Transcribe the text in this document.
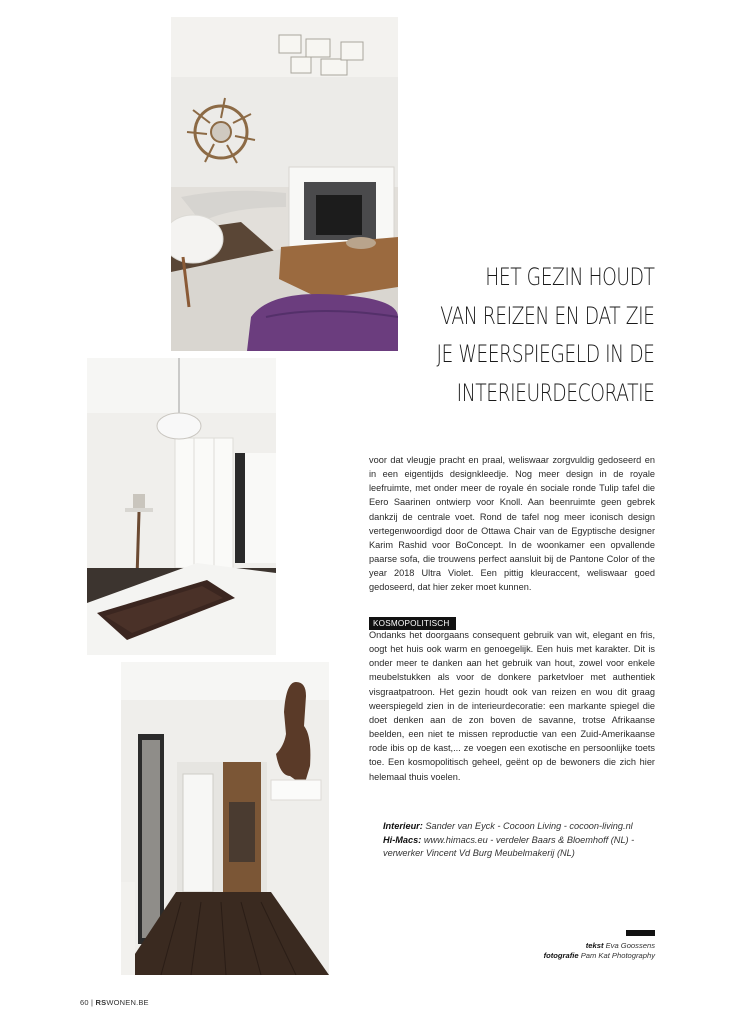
HET GEZIN HOUDT
VAN REIZEN EN DAT ZIE
JE WEERSPIEGELD IN DE
INTERIEURDECORATIE
voor dat vleugje pracht en praal, weliswaar zorgvuldig gedoseerd en in een eigentijds designkleedje. Nog meer design in de royale leefruimte, met onder meer de royale én sociale ronde Tulip tafel die Eero Saarinen ontwierp voor Knoll. Aan beenruimte geen gebrek dankzij de centrale voet. Rond de tafel nog meer iconisch design vertegenwoordigd door de Ottawa Chair van de Egyptische designer Karim Rashid voor BoConcept. In de woonkamer een opvallende paarse sofa, die trouwens perfect aansluit bij de Pantone Color of the year 2018 Ultra Violet. Een pittig kleuraccent, weliswaar goed gedoseerd, dat hier zeker moet kunnen.
KOSMOPOLITISCH
Ondanks het doorgaans consequent gebruik van wit, elegant en fris, oogt het huis ook warm en genoegelijk. Een huis met karakter. Dit is onder meer te danken aan het gebruik van hout, zowel voor enkele meubelstukken als voor de donkere parketvloer met authentiek visgraatpatroon. Het gezin houdt ook van reizen en wou dit graag weerspiegeld zien in de interieurdecoratie: een markante spiegel die doet denken aan de zon boven de savanne, trotse Afrikaanse beelden, een niet te missen reproductie van een Zuid-Amerikaanse rode ibis op de kast,... ze voegen een exotische en persoonlijke toets toe. Een kosmopolitisch geheel, geënt op de bewoners die zich hier helemaal thuis voelen.
Interieur: Sander van Eyck - Cocoon Living - cocoon-living.nl
Hi-Macs: www.himacs.eu - verdeler Baars & Bloemhoff (NL) -
verwerker Vincent Vd Burg Meubelmakerij (NL)
tekst Eva Goossens
fotografie Pam Kat Photography
60 | RSWONEN.BE
